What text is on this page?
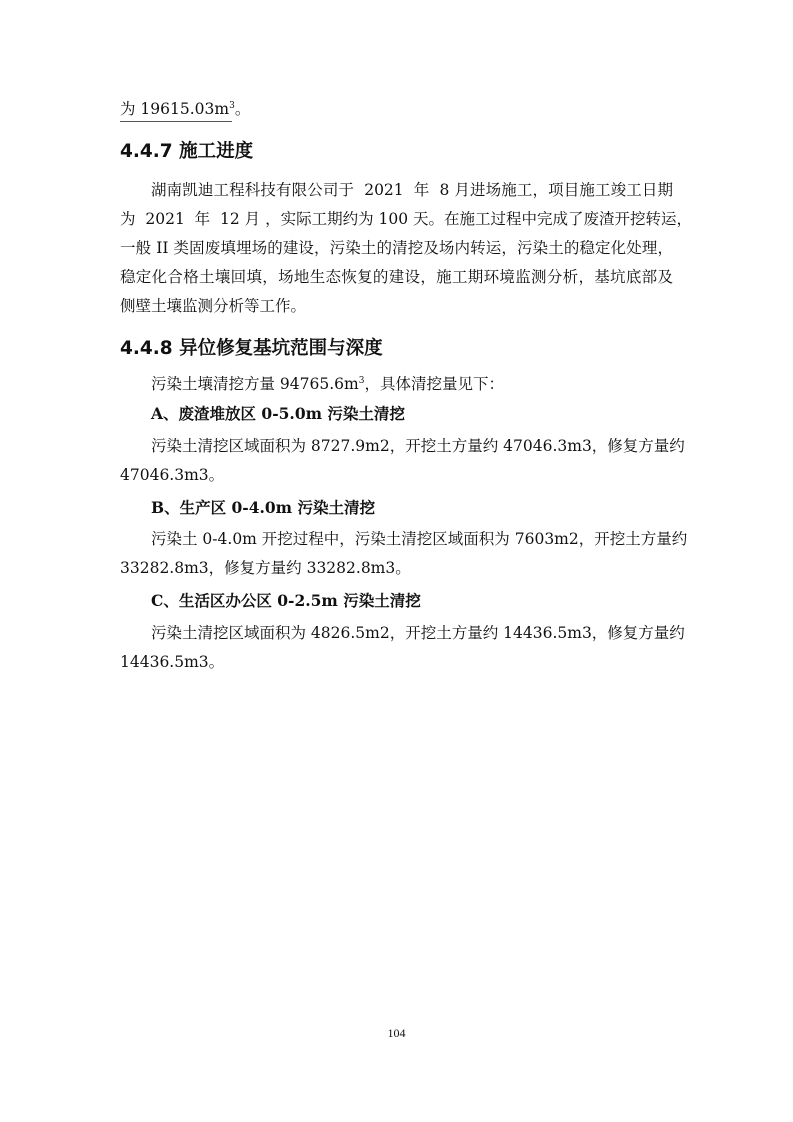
为 $19615.03m^3$。
4.4.7 施工进度
湖南凯迪工程科技有限公司于  2021  年  8 月进场施工，项目施工竣工日期
为  2021  年  12 月 ，实际工期约为 100 天。在施工过程中完成了废渣开挖转运，
一般 II 类固废填埋场的建设，污染土的清挖及场内转运，污染土的稳定化处理，
稳定化合格土壤回填，场地生态恢复的建设，施工期环境监测分析，基坑底部及
侧壁土壤监测分析等工作。
4.4.8 异位修复基坑范围与深度
污染土壤清挖方量 $94765.6m^3$，具体清挖量见下：
A、废渣堆放区 0-5.0m 污染土清挖
污染土清挖区域面积为 8727.9m2，开挖土方量约 47046.3m3，修复方量约
47046.3m3。
B、生产区 0-4.0m 污染土清挖
污染土 0-4.0m 开挖过程中，污染土清挖区域面积为 7603m2，开挖土方量约
33282.8m3，修复方量约 33282.8m3。
C、生活区办公区 0-2.5m 污染土清挖
污染土清挖区域面积为 4826.5m2，开挖土方量约 14436.5m3，修复方量约
14436.5m3。
104
